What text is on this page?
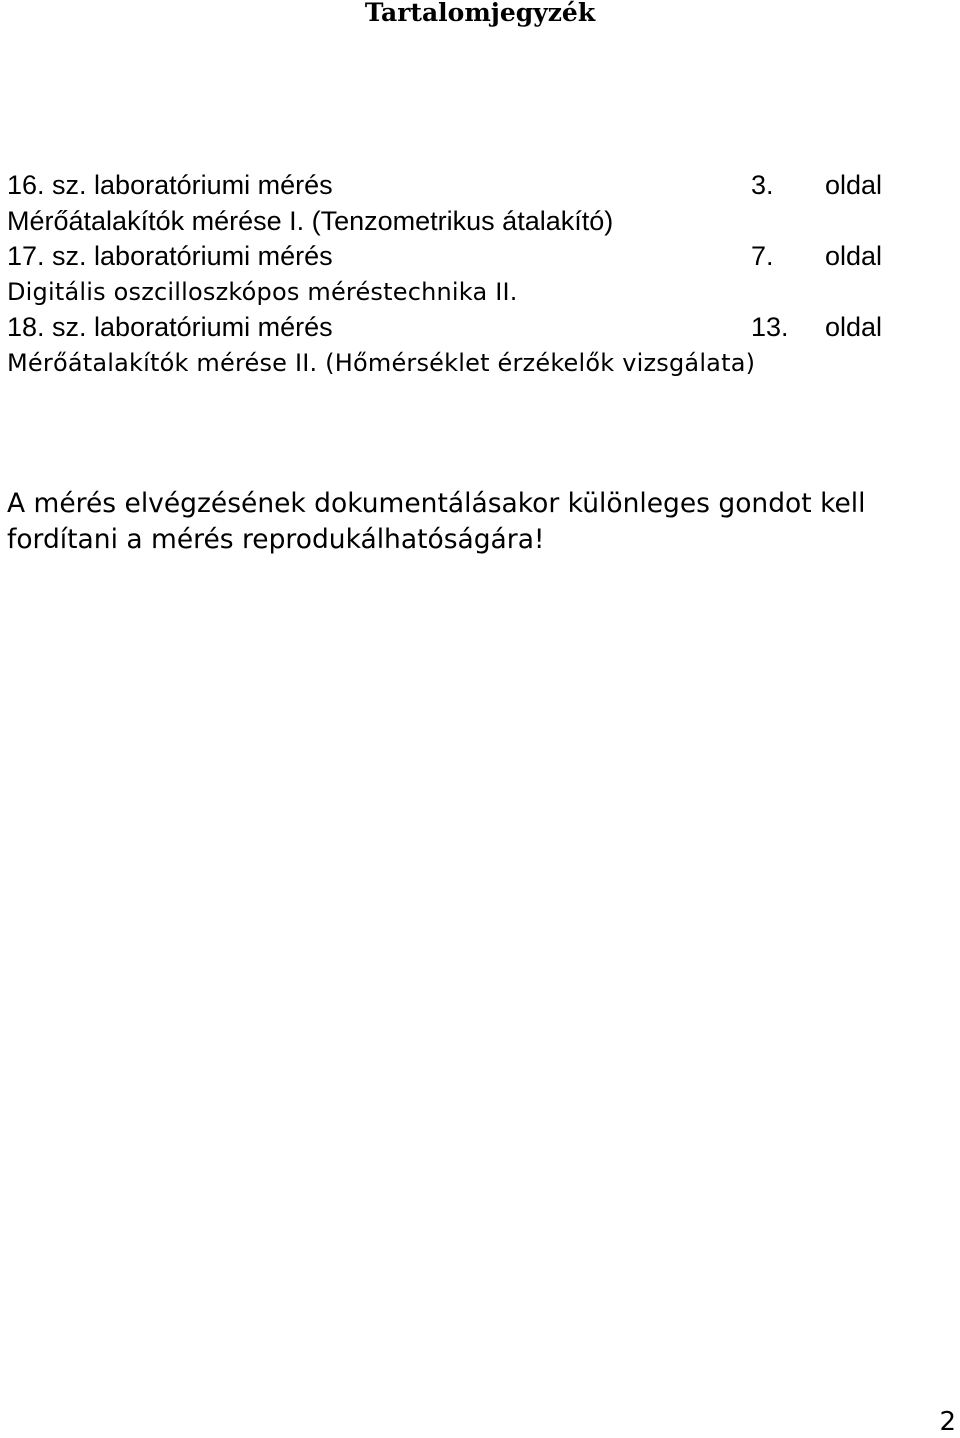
Tartalomjegyzék
16. sz. laboratóriumi mérés	3. oldal
Mérőátalakítók mérése I. (Tenzometrikus átalakító)
17. sz. laboratóriumi mérés	7. oldal
Digitális oszcilloszkópos méréstechnika II.
18. sz. laboratóriumi mérés	13. oldal
Mérőátalakítók mérése II. (Hőmérséklet érzékelők vizsgálata)
A mérés elvégzésének dokumentálásakor különleges gondot kell
fordítani a mérés reprodukálhatóságára!
2
